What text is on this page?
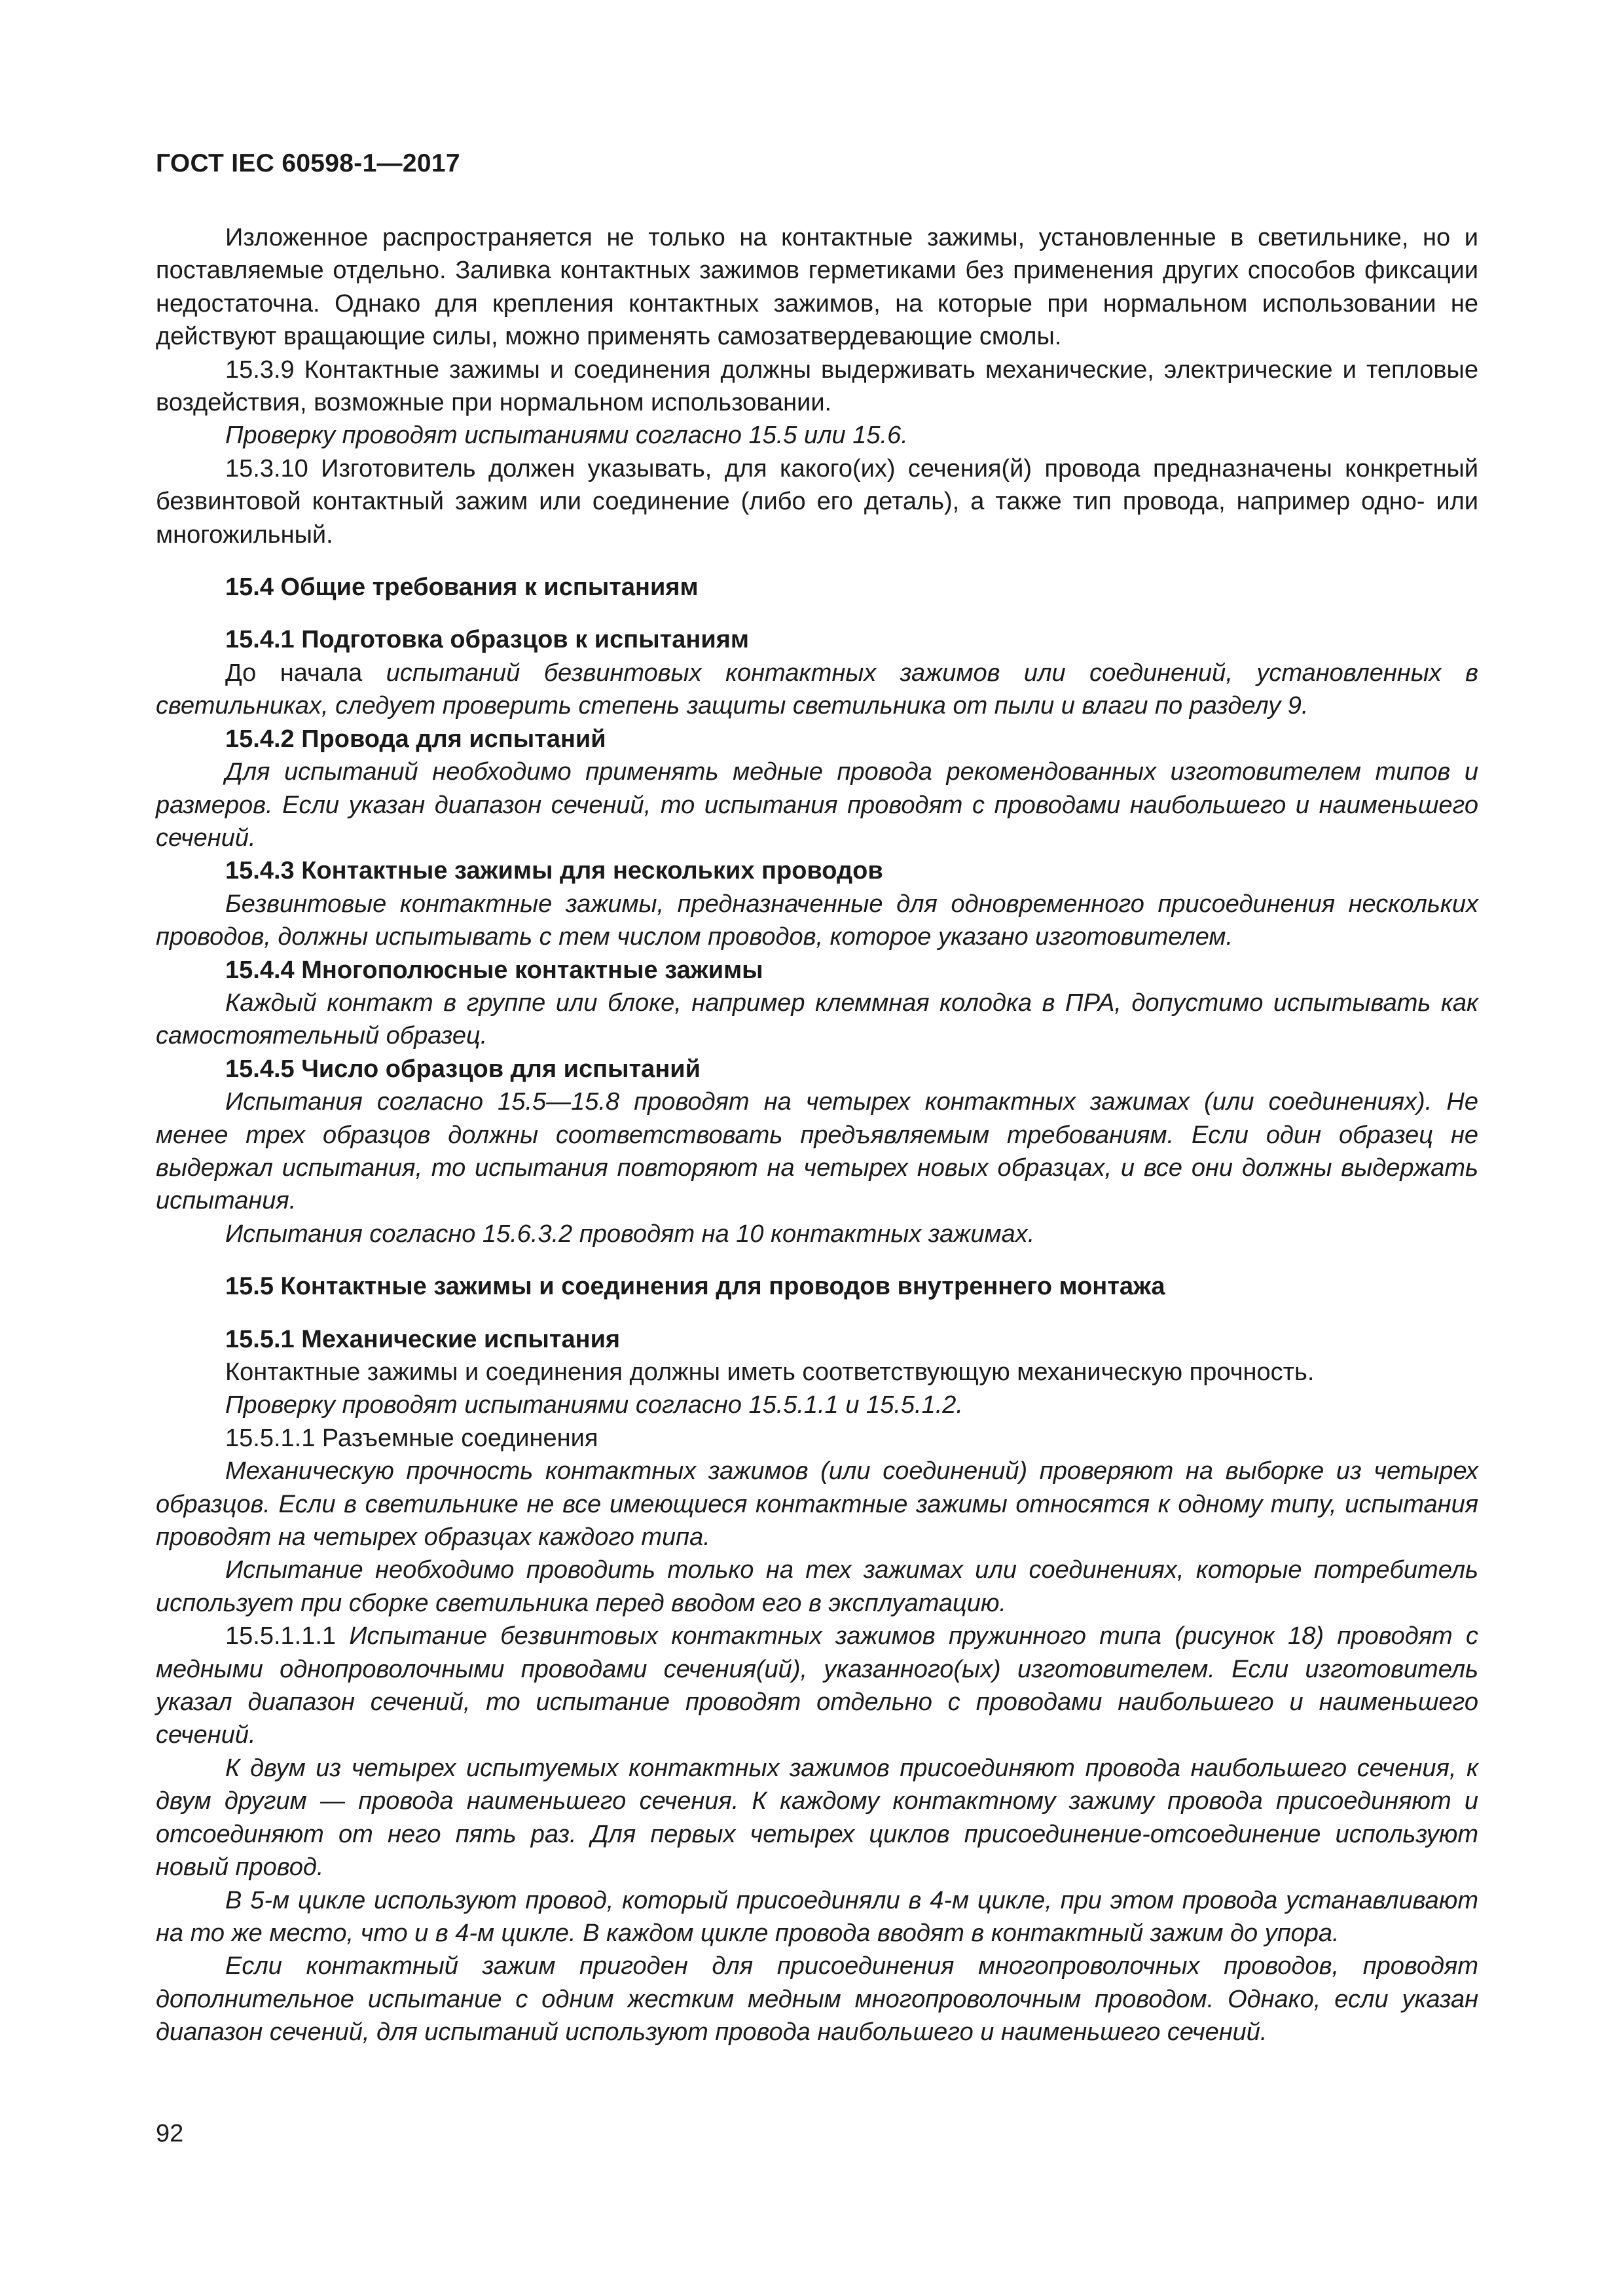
ГОСТ IEC 60598-1—2017

Изложенное распространяется не только на контактные зажимы, установленные в светильнике, но и поставляемые отдельно. Заливка контактных зажимов герметиками без применения других способов фиксации недостаточна. Однако для крепления контактных зажимов, на которые при нормальном использовании не действуют вращающие силы, можно применять самозатвердевающие смолы.

15.3.9 Контактные зажимы и соединения должны выдерживать механические, электрические и тепловые воздействия, возможные при нормальном использовании.

Проверку проводят испытаниями согласно 15.5 или 15.6.

15.3.10 Изготовитель должен указывать, для какого(их) сечения(й) провода предназначены конкретный безвинтовой контактный зажим или соединение (либо его деталь), а также тип провода, например одно- или многожильный.

15.4 Общие требования к испытаниям

15.4.1 Подготовка образцов к испытаниям

До начала испытаний безвинтовых контактных зажимов или соединений, установленных в светильниках, следует проверить степень защиты светильника от пыли и влаги по разделу 9.

15.4.2 Провода для испытаний

Для испытаний необходимо применять медные провода рекомендованных изготовителем типов и размеров. Если указан диапазон сечений, то испытания проводят с проводами наибольшего и наименьшего сечений.

15.4.3 Контактные зажимы для нескольких проводов

Безвинтовые контактные зажимы, предназначенные для одновременного присоединения нескольких проводов, должны испытывать с тем числом проводов, которое указано изготовителем.

15.4.4 Многополюсные контактные зажимы

Каждый контакт в группе или блоке, например клеммная колодка в ПРА, допустимо испытывать как самостоятельный образец.

15.4.5 Число образцов для испытаний

Испытания согласно 15.5—15.8 проводят на четырех контактных зажимах (или соединениях). Не менее трех образцов должны соответствовать предъявляемым требованиям. Если один образец не выдержал испытания, то испытания повторяют на четырех новых образцах, и все они должны выдержать испытания.

Испытания согласно 15.6.3.2 проводят на 10 контактных зажимах.

15.5 Контактные зажимы и соединения для проводов внутреннего монтажа

15.5.1 Механические испытания

Контактные зажимы и соединения должны иметь соответствующую механическую прочность.

Проверку проводят испытаниями согласно 15.5.1.1 и 15.5.1.2.

15.5.1.1 Разъемные соединения

Механическую прочность контактных зажимов (или соединений) проверяют на выборке из четырех образцов. Если в светильнике не все имеющиеся контактные зажимы относятся к одному типу, испытания проводят на четырех образцах каждого типа.

Испытание необходимо проводить только на тех зажимах или соединениях, которые потребитель использует при сборке светильника перед вводом его в эксплуатацию.

15.5.1.1.1 Испытание безвинтовых контактных зажимов пружинного типа (рисунок 18) проводят с медными однопроволочными проводами сечения(ий), указанного(ых) изготовителем. Если изготовитель указал диапазон сечений, то испытание проводят отдельно с проводами наибольшего и наименьшего сечений.

К двум из четырех испытуемых контактных зажимов присоединяют провода наибольшего сечения, к двум другим — провода наименьшего сечения. К каждому контактному зажиму провода присоединяют и отсоединяют от него пять раз. Для первых четырех циклов присоединение-отсоединение используют новый провод.

В 5-м цикле используют провод, который присоединяли в 4-м цикле, при этом провода устанавливают на то же место, что и в 4-м цикле. В каждом цикле провода вводят в контактный зажим до упора.

Если контактный зажим пригоден для присоединения многопроволочных проводов, проводят дополнительное испытание с одним жестким медным многопроволочным проводом. Однако, если указан диапазон сечений, для испытаний используют провода наибольшего и наименьшего сечений.

92
